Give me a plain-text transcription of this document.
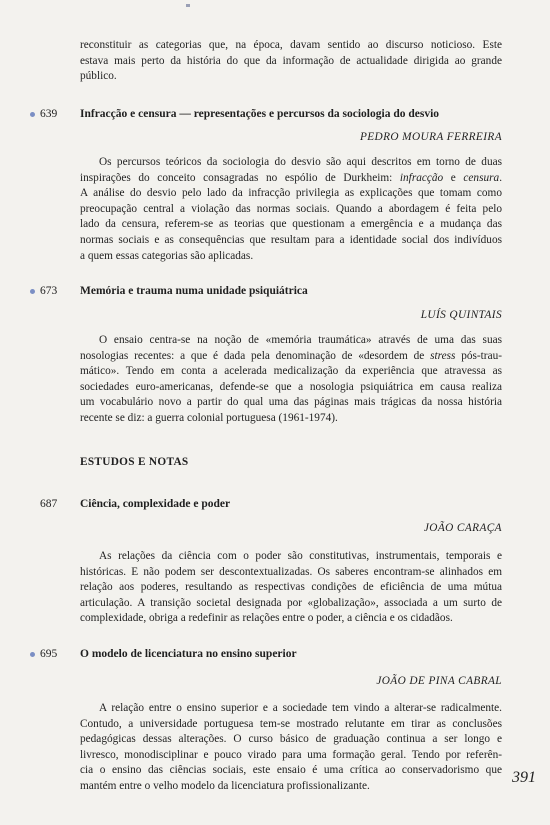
reconstituir as categorias que, na época, davam sentido ao discurso noticioso. Este
estava mais perto da história do que da informação de actualidade dirigida ao grande
público.
639 Infracção e censura — representações e percursos da sociologia do desvio
PEDRO MOURA FERREIRA
Os percursos teóricos da sociologia do desvio são aqui descritos em torno de duas
inspirações do conceito consagradas no espólio de Durkheim: infracção e censura.
A análise do desvio pelo lado da infracção privilegia as explicações que tomam como
preocupação central a violação das normas sociais. Quando a abordagem é feita pelo
lado da censura, referem-se as teorias que questionam a emergência e a mudança das
normas sociais e as consequências que resultam para a identidade social dos indivíduos
a quem essas categorias são aplicadas.
673 Memória e trauma numa unidade psiquiátrica
LUÍS QUINTAIS
O ensaio centra-se na noção de «memória traumática» através de uma das suas
nosologias recentes: a que é dada pela denominação de «desordem de stress pós-trau-
mático». Tendo em conta a acelerada medicalização da experiência que atravessa as
sociedades euro-americanas, defende-se que a nosologia psiquiátrica em causa realiza
um vocabulário novo a partir do qual uma das páginas mais trágicas da nossa história
recente se diz: a guerra colonial portuguesa (1961-1974).
ESTUDOS E NOTAS
687 Ciência, complexidade e poder
JOÃO CARAÇA
As relações da ciência com o poder são constitutivas, instrumentais, temporais e
históricas. E não podem ser descontextualizadas. Os saberes encontram-se alinhados em
relação aos poderes, resultando as respectivas condições de eficiência de uma mútua
articulação. A transição societal designada por «globalização», associada a um surto de
complexidade, obriga a redefinir as relações entre o poder, a ciência e os cidadãos.
695 O modelo de licenciatura no ensino superior
JOÃO DE PINA CABRAL
A relação entre o ensino superior e a sociedade tem vindo a alterar-se radicalmente.
Contudo, a universidade portuguesa tem-se mostrado relutante em tirar as conclusões
pedagógicas dessas alterações. O curso básico de graduação continua a ser longo e
livresco, monodisciplinar e pouco virado para uma formação geral. Tendo por referên-
cia o ensino das ciências sociais, este ensaio é uma crítica ao conservadorismo que
mantém entre o velho modelo da licenciatura profissionalizante.	391
